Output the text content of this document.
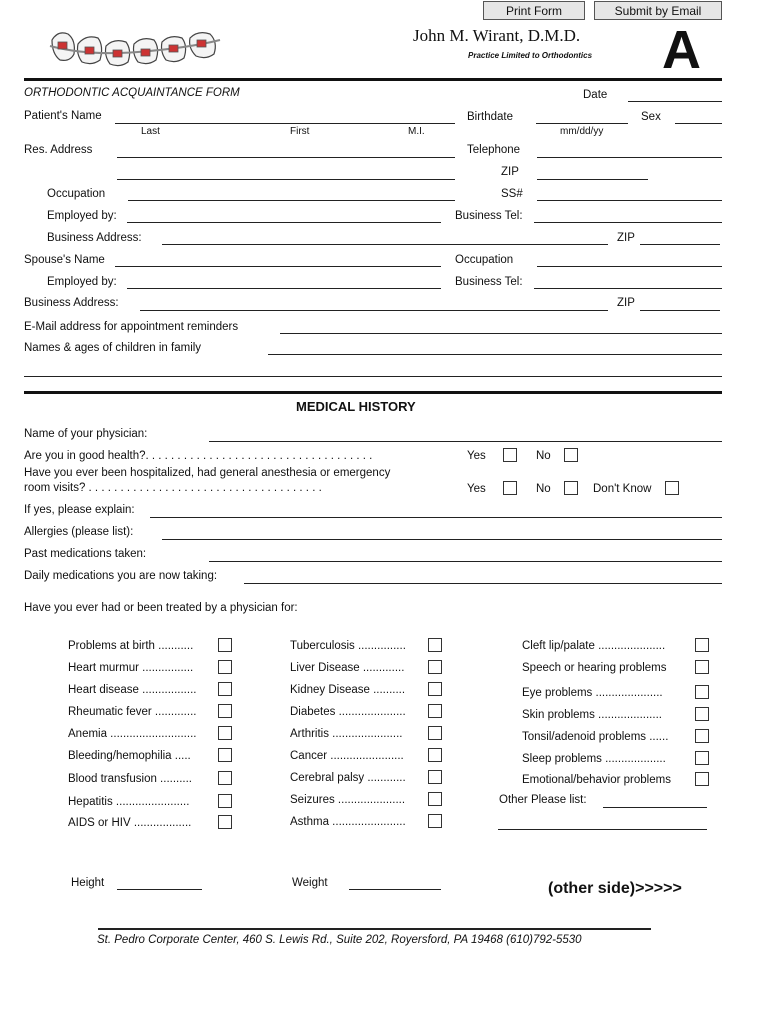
Print Form	Submit by Email
John M. Wirant, D.M.D.
Practice Limited to Orthodontics A
ORTHODONTIC ACQUAINTANCE FORM	Date
Patient's Name
Last	First	M.I.
Birthdate
mm/dd/yy
Sex
Res. Address	Telephone
ZIP
Occupation	SS#
Employed by:	Business Tel:
Business Address:	ZIP
Spouse's Name	Occupation
Employed by:	Business Tel:
Business Address:	ZIP
E-Mail address for appointment reminders
Names & ages of children in family
MEDICAL HISTORY
Name of your physician:
Are you in good health?. . . . . . . . . . . . . . . . . . . . . . . . . . . . . . . . . . . .	Yes	No
Have you ever been hospitalized, had general anesthesia or emergency
room visits? . . . . . . . . . . . . . . . . . . . . . . . . . . . . . . . . . . . . .	Yes	No	Don't Know
If yes, please explain:
Allergies (please list):
Past medications taken:
Daily medications you are now taking:
Have you ever had or been treated by a physician for:
Problems at birth ...........
Heart murmur ................
Heart disease .................
Rheumatic fever .............
Anemia ...........................
Bleeding/hemophilia .....
Blood transfusion ..........
Hepatitis .......................
AIDS or HIV ..................
Tuberculosis ...............
Liver Disease .............
Kidney Disease ..........
Diabetes .....................
Arthritis ......................
Cancer .......................
Cerebral palsy ............
Seizures .....................
Asthma .......................
Cleft lip/palate .....................
Speech or hearing problems
Eye problems .....................
Skin problems ....................
Tonsil/adenoid problems ......
Sleep problems ...................
Emotional/behavior problems
Other Please list:
Height	Weight	(other side)>>>>>
St. Pedro Corporate Center, 460 S. Lewis Rd., Suite 202, Royersford, PA 19468 (610)792-5530
